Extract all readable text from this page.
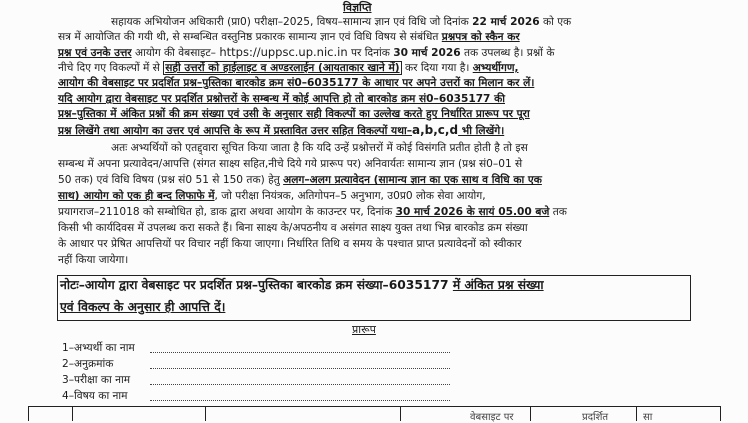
विज्ञप्ति
सहायक अभियोजन अधिकारी (प्रा0) परीक्षा–2025, विषय–सामान्य ज्ञान एवं विधि जो दिनांक 22 मार्च 2026 को एक
सत्र में आयोजित की गयी थी, से सम्बन्धित वस्तुनिष्ठ प्रकारक सामान्य ज्ञान एवं विधि विषय से संबंधित प्रश्नपत्र को स्कैन कर
प्रश्न एवं उनके उत्तर आयोग की वेबसाइट– https://uppsc.up.nic.in पर दिनांक 30 मार्च 2026 तक उपलब्ध है। प्रश्नों के
नीचे दिए गए विकल्पों में से सही उत्तरों को हाईलाइट व अण्डरलाईन (आयताकार खाने में) कर दिया गया है। अभ्यर्थीगण,
आयोग की वेबसाइट पर प्रदर्शित प्रश्न–पुस्तिका बारकोड क्रम सं0–6035177 के आधार पर अपने उत्तरों का मिलान कर लें।
यदि आयोग द्वारा वेबसाइट पर प्रदर्शित प्रश्नोत्तरों के सम्बन्ध में कोई आपत्ति हो तो बारकोड क्रम सं0–6035177 की
प्रश्न–पुस्तिका में अंकित प्रश्नों की क्रम संख्या एवं उसी के अनुसार सही विकल्पों का उल्लेख करते हुए निर्धारित प्रारूप पर पूरा
प्रश्न लिखेंगे तथा आयोग का उत्तर एवं आपत्ति के रूप में प्रस्तावित उत्तर सहित विकल्पों यथा–a,b,c,d भी लिखेंगे।
अतः अभ्यर्थियों को एतद्द्वारा सूचित किया जाता है कि यदि उन्हें प्रश्नोत्तरों में कोई विसंगति प्रतीत होती है तो इस
सम्बन्ध में अपना प्रत्यावेदन/आपत्ति (संगत साक्ष्य सहित,नीचे दिये गये प्रारूप पर) अनिवार्यतः सामान्य ज्ञान (प्रश्न सं0–01 से
50 तक) एवं विधि विषय (प्रश्न सं0 51 से 150 तक) हेतु अलग–अलग प्रत्यावेदन (सामान्य ज्ञान का एक साथ व विधि का एक
साथ) आयोग को एक ही बन्द लिफाफे में, जो परीक्षा नियंत्रक, अतिगोपन–5 अनुभाग, उ0प्र0 लोक सेवा आयोग,
प्रयागराज–211018 को सम्बोधित हो, डाक द्वारा अथवा आयोग के काउन्टर पर, दिनांक 30 मार्च 2026 के सायं 05.00 बजे तक
किसी भी कार्यदिवस में उपलब्ध करा सकते हैं। बिना साक्ष्य के/अपठनीय व असंगत साक्ष्य युक्त तथा भिन्न बारकोड क्रम संख्या
के आधार पर प्रेषित आपत्तियों पर विचार नहीं किया जाएगा। निर्धारित तिथि व समय के पश्चात प्राप्त प्रत्यावेदनों को स्वीकार
नहीं किया जायेगा।
नोटः–आयोग द्वारा वेबसाइट पर प्रदर्शित प्रश्न–पुस्तिका बारकोड क्रम संख्या–6035177 में अंकित प्रश्न संख्या
एवं विकल्प के अनुसार ही आपत्ति दें।
प्रारूप
1–अभ्यर्थी का नाम
2–अनुक्रमांक
3–परीक्षा का नाम
4–विषय का नाम
वेबसाइट पर	प्रदर्शित	सा
